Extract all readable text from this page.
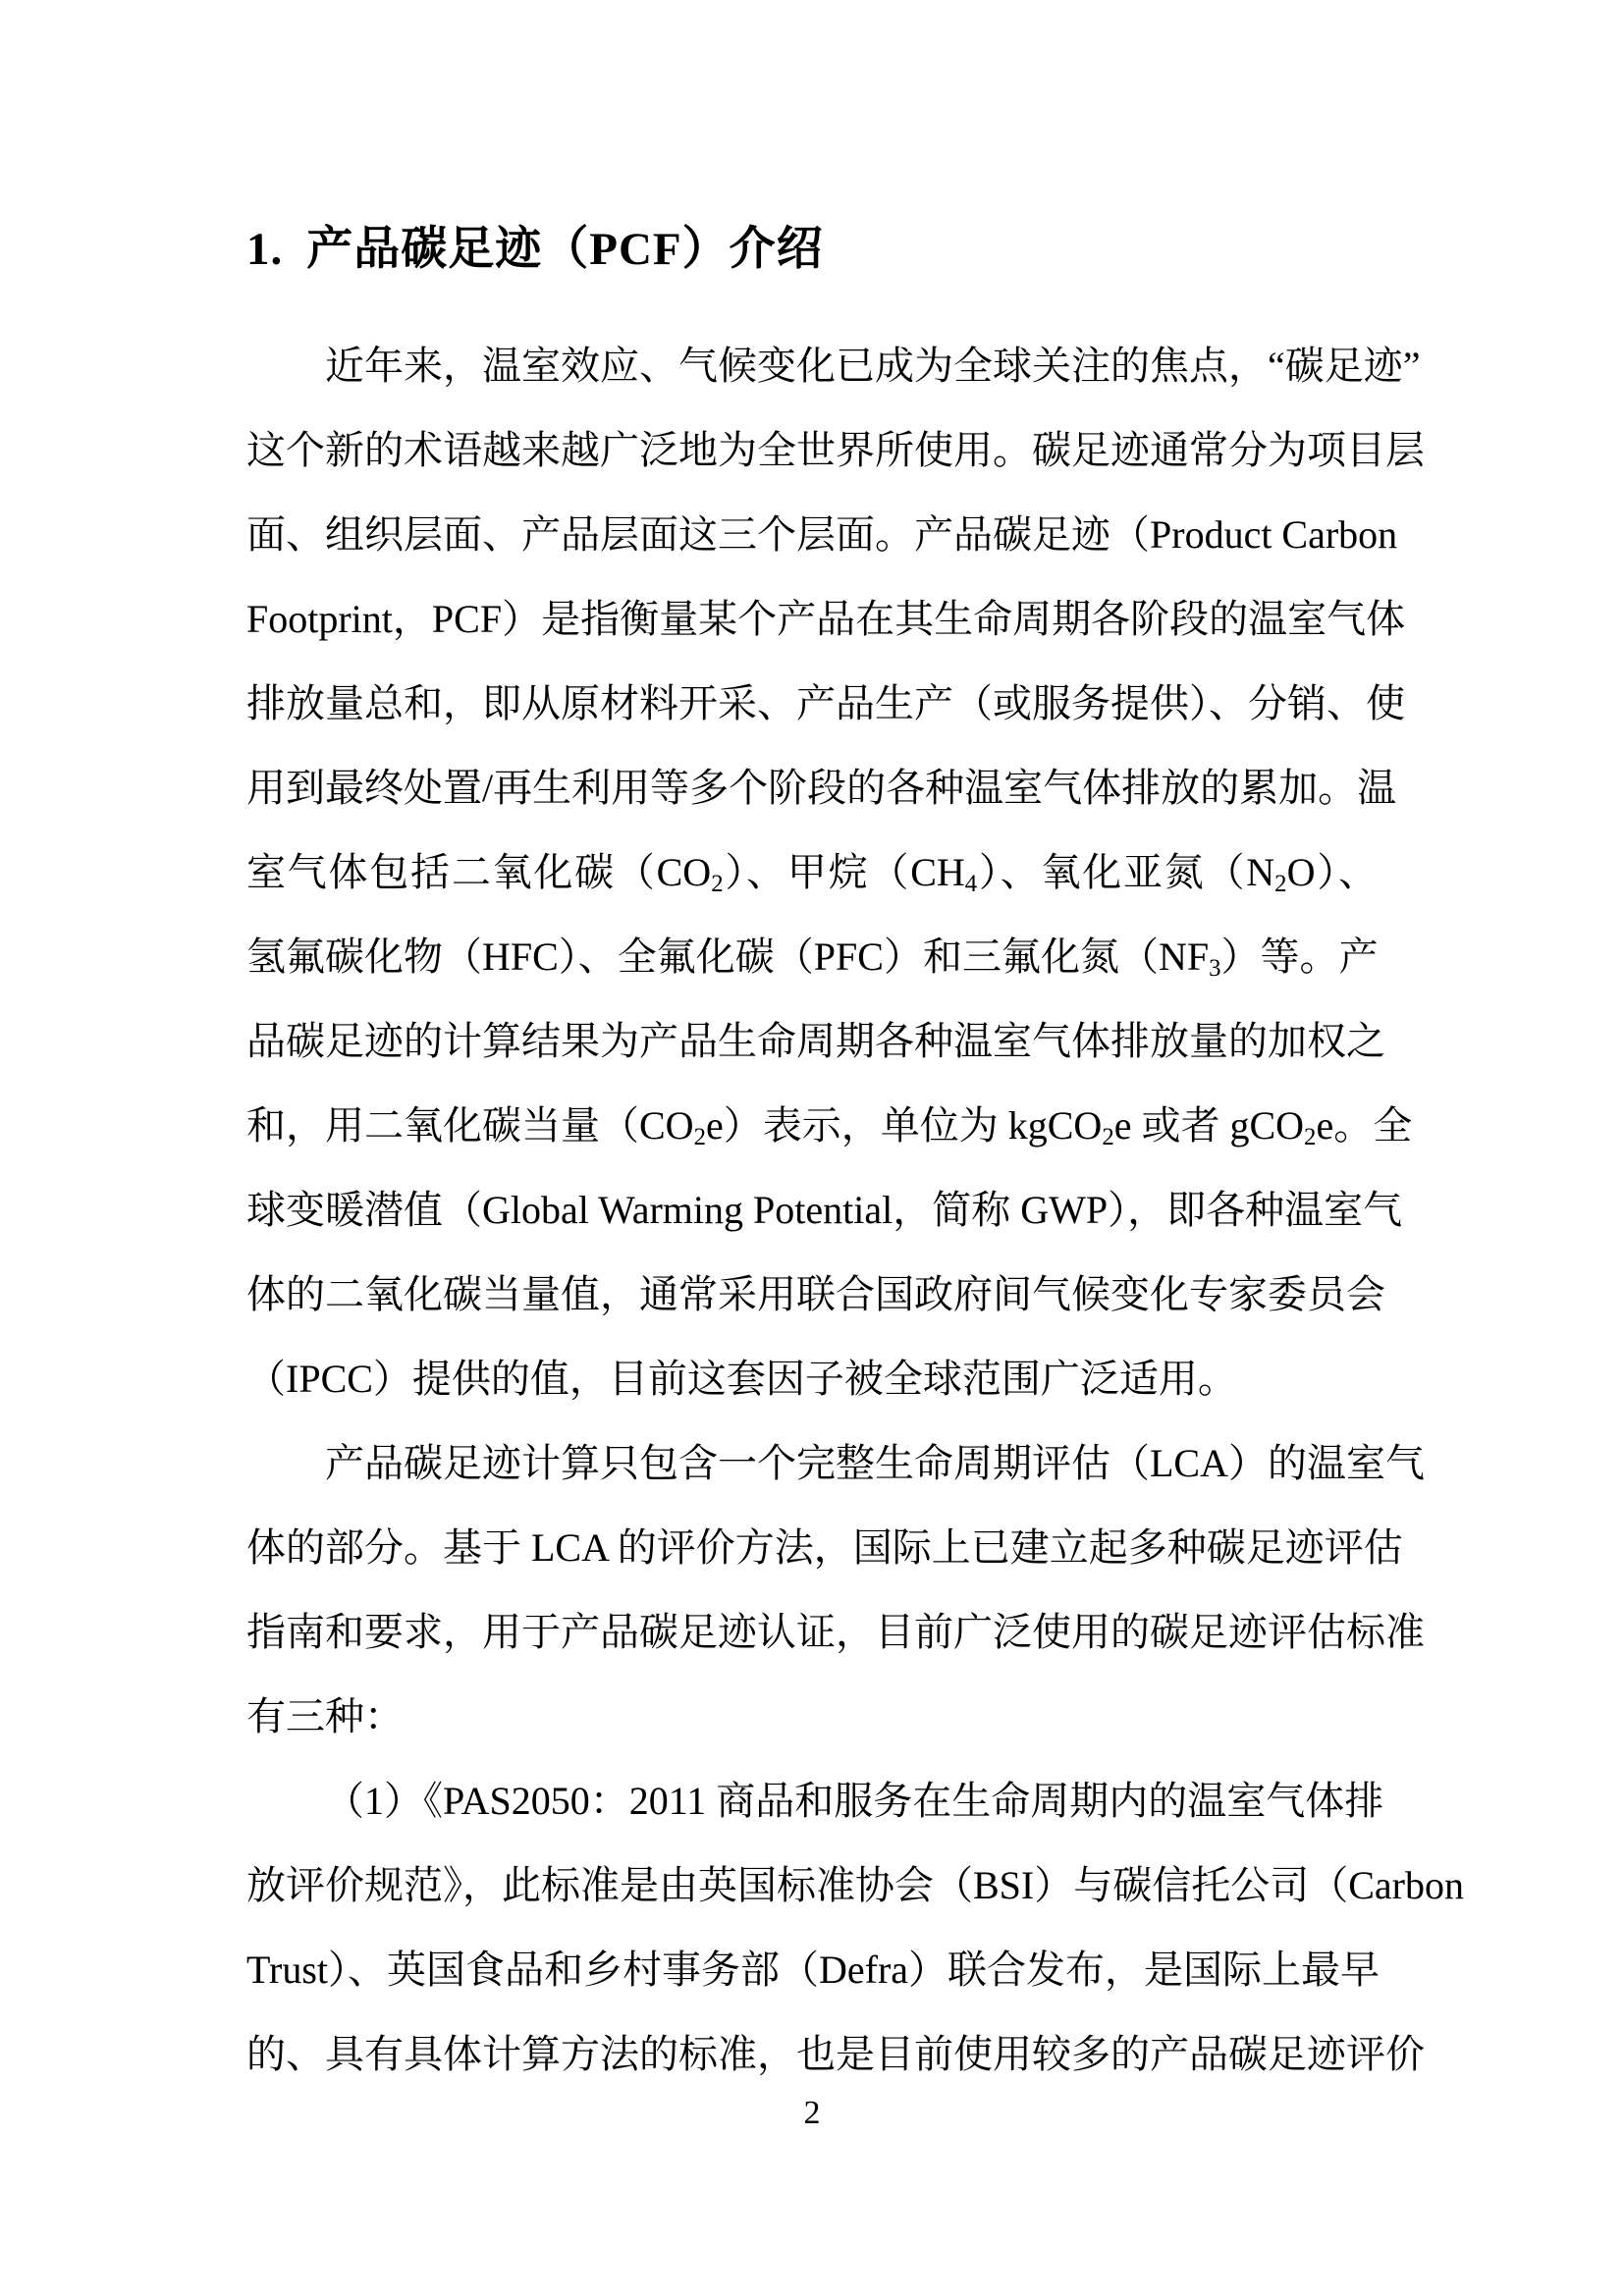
1. 产品碳足迹（PCF）介绍
近年来，温室效应、气候变化已成为全球关注的焦点，“碳足迹”
这个新的术语越来越广泛地为全世界所使用。碳足迹通常分为项目层
面、组织层面、产品层面这三个层面。产品碳足迹（Product Carbon
Footprint，PCF）是指衡量某个产品在其生命周期各阶段的温室气体
排放量总和，即从原材料开采、产品生产（或服务提供）、分销、使
用到最终处置/再生利用等多个阶段的各种温室气体排放的累加。温
室气体包括二氧化碳$(CO_2)$、甲烷$(CH_4)$、氧化亚氮$(N_2O)$、
氢氟碳化物（HFC）、全氟化碳（PFC）和三氟化氮$(NF_3)$等。产
品碳足迹的计算结果为产品生命周期各种温室气体排放量的加权之
和，用二氧化碳当量$(CO_2e)$表示，单位为 kgCO$_2$e 或者 gCO$_2$e。全
球变暖潜值（Global Warming Potential，简称 GWP），即各种温室气
体的二氧化碳当量值，通常采用联合国政府间气候变化专家委员会
（IPCC）提供的值，目前这套因子被全球范围广泛适用。
产品碳足迹计算只包含一个完整生命周期评估（LCA）的温室气
体的部分。基于 LCA 的评价方法，国际上已建立起多种碳足迹评估
指南和要求，用于产品碳足迹认证，目前广泛使用的碳足迹评估标准
有三种：
（1）《PAS2050：2011 商品和服务在生命周期内的温室气体排
放评价规范》，此标准是由英国标准协会（BSI）与碳信托公司（Carbon
Trust）、英国食品和乡村事务部（Defra）联合发布，是国际上最早
的、具有具体计算方法的标准，也是目前使用较多的产品碳足迹评价
2
